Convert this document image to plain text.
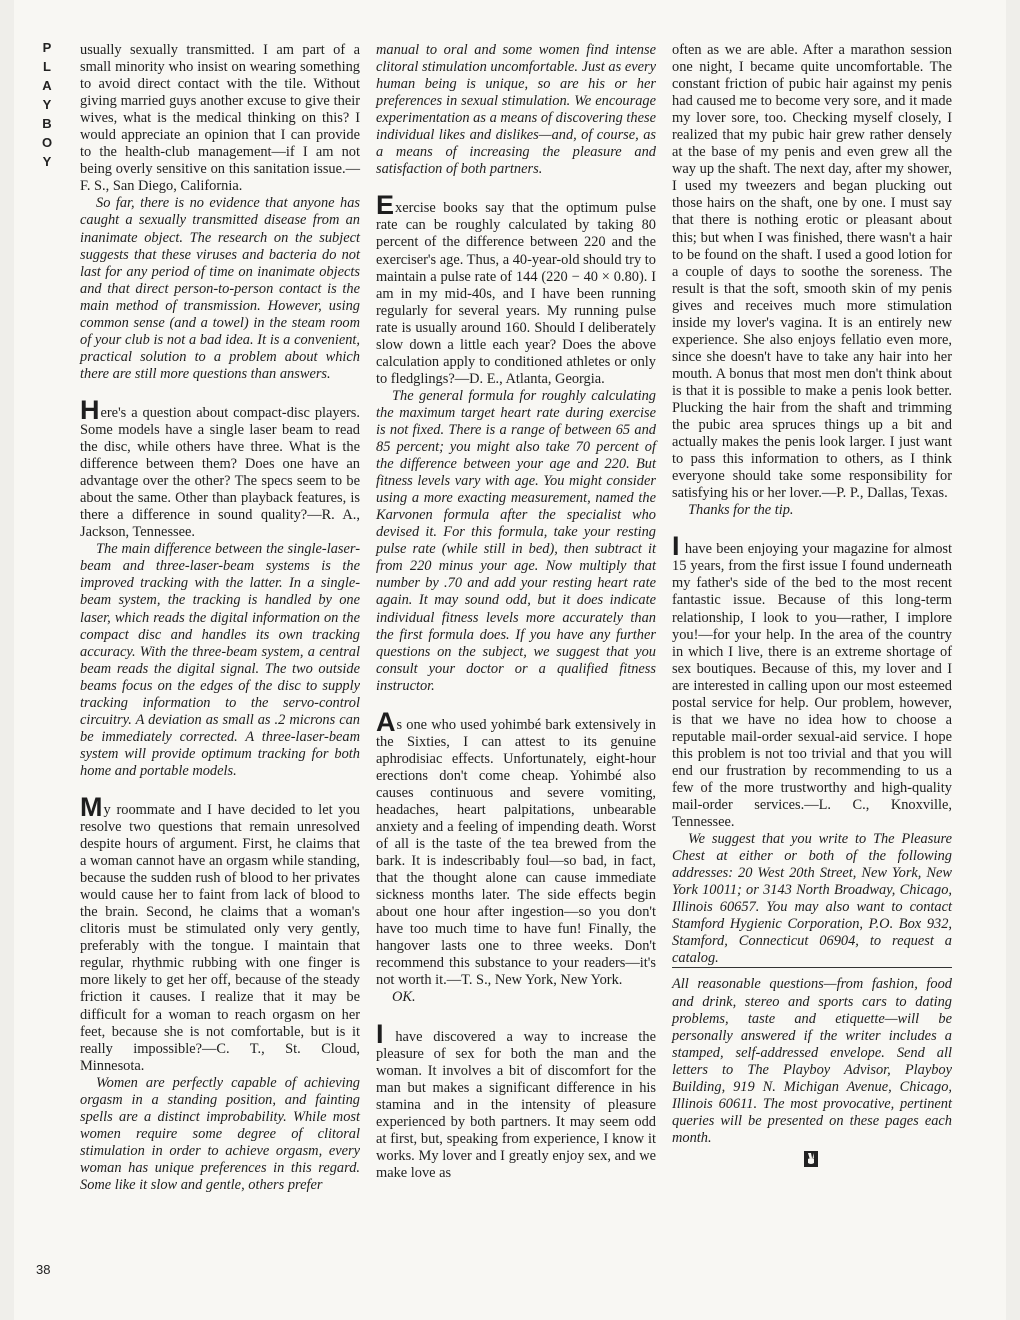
P
L
A
Y
B
O
Y
38

usually sexually transmitted. I am part of a small minority who insist on wearing something to avoid direct contact with the tile. Without giving married guys another excuse to give their wives, what is the medical thinking on this? I would appreciate an opinion that I can provide to the health-club management—if I am not being overly sensitive on this sanitation issue.—F. S., San Diego, California.

So far, there is no evidence that anyone has caught a sexually transmitted disease from an inanimate object. The research on the subject suggests that these viruses and bacteria do not last for any period of time on inanimate objects and that direct person-to-person contact is the main method of transmission. However, using common sense (and a towel) in the steam room of your club is not a bad idea. It is a convenient, practical solution to a problem about which there are still more questions than answers.

Here's a question about compact-disc players. Some models have a single laser beam to read the disc, while others have three. What is the difference between them? Does one have an advantage over the other? The specs seem to be about the same. Other than playback features, is there a difference in sound quality?—R. A., Jackson, Tennessee.

The main difference between the single-laser-beam and three-laser-beam systems is the improved tracking with the latter. In a single-beam system, the tracking is handled by one laser, which reads the digital information on the compact disc and handles its own tracking accuracy. With the three-beam system, a central beam reads the digital signal. The two outside beams focus on the edges of the disc to supply tracking information to the servo-control circuitry. A deviation as small as .2 microns can be immediately corrected. A three-laser-beam system will provide optimum tracking for both home and portable models.

My roommate and I have decided to let you resolve two questions that remain unresolved despite hours of argument. First, he claims that a woman cannot have an orgasm while standing, because the sudden rush of blood to her privates would cause her to faint from lack of blood to the brain. Second, he claims that a woman's clitoris must be stimulated only very gently, preferably with the tongue. I maintain that regular, rhythmic rubbing with one finger is more likely to get her off, because of the steady friction it causes. I realize that it may be difficult for a woman to reach orgasm on her feet, because she is not comfortable, but is it really impossible?—C. T., St. Cloud, Minnesota.

Women are perfectly capable of achieving orgasm in a standing position, and fainting spells are a distinct improbability. While most women require some degree of clitoral stimulation in order to achieve orgasm, every woman has unique preferences in this regard. Some like it slow and gentle, others prefer

manual to oral and some women find intense clitoral stimulation uncomfortable. Just as every human being is unique, so are his or her preferences in sexual stimulation. We encourage experimentation as a means of discovering these individual likes and dislikes—and, of course, as a means of increasing the pleasure and satisfaction of both partners.

Exercise books say that the optimum pulse rate can be roughly calculated by taking 80 percent of the difference between 220 and the exerciser's age. Thus, a 40-year-old should try to maintain a pulse rate of 144 (220 − 40 × 0.80). I am in my mid-40s, and I have been running regularly for several years. My running pulse rate is usually around 160. Should I deliberately slow down a little each year? Does the above calculation apply to conditioned athletes or only to fledglings?—D. E., Atlanta, Georgia.

The general formula for roughly calculating the maximum target heart rate during exercise is not fixed. There is a range of between 65 and 85 percent; you might also take 70 percent of the difference between your age and 220. But fitness levels vary with age. You might consider using a more exacting measurement, named the Karvonen formula after the specialist who devised it. For this formula, take your resting pulse rate (while still in bed), then subtract it from 220 minus your age. Now multiply that number by .70 and add your resting heart rate again. It may sound odd, but it does indicate individual fitness levels more accurately than the first formula does. If you have any further questions on the subject, we suggest that you consult your doctor or a qualified fitness instructor.

As one who used yohimbé bark extensively in the Sixties, I can attest to its genuine aphrodisiac effects. Unfortunately, eight-hour erections don't come cheap. Yohimbé also causes continuous and severe vomiting, headaches, heart palpitations, unbearable anxiety and a feeling of impending death. Worst of all is the taste of the tea brewed from the bark. It is indescribably foul—so bad, in fact, that the thought alone can cause immediate sickness months later. The side effects begin about one hour after ingestion—so you don't have too much time to have fun! Finally, the hangover lasts one to three weeks. Don't recommend this substance to your readers—it's not worth it.—T. S., New York, New York.

OK.

I have discovered a way to increase the pleasure of sex for both the man and the woman. It involves a bit of discomfort for the man but makes a significant difference in his stamina and in the intensity of pleasure experienced by both partners. It may seem odd at first, but, speaking from experience, I know it works. My lover and I greatly enjoy sex, and we make love as

often as we are able. After a marathon session one night, I became quite uncomfortable. The constant friction of pubic hair against my penis had caused me to become very sore, and it made my lover sore, too. Checking myself closely, I realized that my pubic hair grew rather densely at the base of my penis and even grew all the way up the shaft. The next day, after my shower, I used my tweezers and began plucking out those hairs on the shaft, one by one. I must say that there is nothing erotic or pleasant about this; but when I was finished, there wasn't a hair to be found on the shaft. I used a good lotion for a couple of days to soothe the soreness. The result is that the soft, smooth skin of my penis gives and receives much more stimulation inside my lover's vagina. It is an entirely new experience. She also enjoys fellatio even more, since she doesn't have to take any hair into her mouth. A bonus that most men don't think about is that it is possible to make a penis look better. Plucking the hair from the shaft and trimming the pubic area spruces things up a bit and actually makes the penis look larger. I just want to pass this information to others, as I think everyone should take some responsibility for satisfying his or her lover.—P. P., Dallas, Texas.

Thanks for the tip.

I have been enjoying your magazine for almost 15 years, from the first issue I found underneath my father's side of the bed to the most recent fantastic issue. Because of this long-term relationship, I look to you—rather, I implore you!—for your help. In the area of the country in which I live, there is an extreme shortage of sex boutiques. Because of this, my lover and I are interested in calling upon our most esteemed postal service for help. Our problem, however, is that we have no idea how to choose a reputable mail-order sexual-aid service. I hope this problem is not too trivial and that you will end our frustration by recommending to us a few of the more trustworthy and high-quality mail-order services.—L. C., Knoxville, Tennessee.

We suggest that you write to The Pleasure Chest at either or both of the following addresses: 20 West 20th Street, New York, New York 10011; or 3143 North Broadway, Chicago, Illinois 60657. You may also want to contact Stamford Hygienic Corporation, P.O. Box 932, Stamford, Connecticut 06904, to request a catalog.

All reasonable questions—from fashion, food and drink, stereo and sports cars to dating problems, taste and etiquette—will be personally answered if the writer includes a stamped, self-addressed envelope. Send all letters to The Playboy Advisor, Playboy Building, 919 N. Michigan Avenue, Chicago, Illinois 60611. The most provocative, pertinent queries will be presented on these pages each month.
